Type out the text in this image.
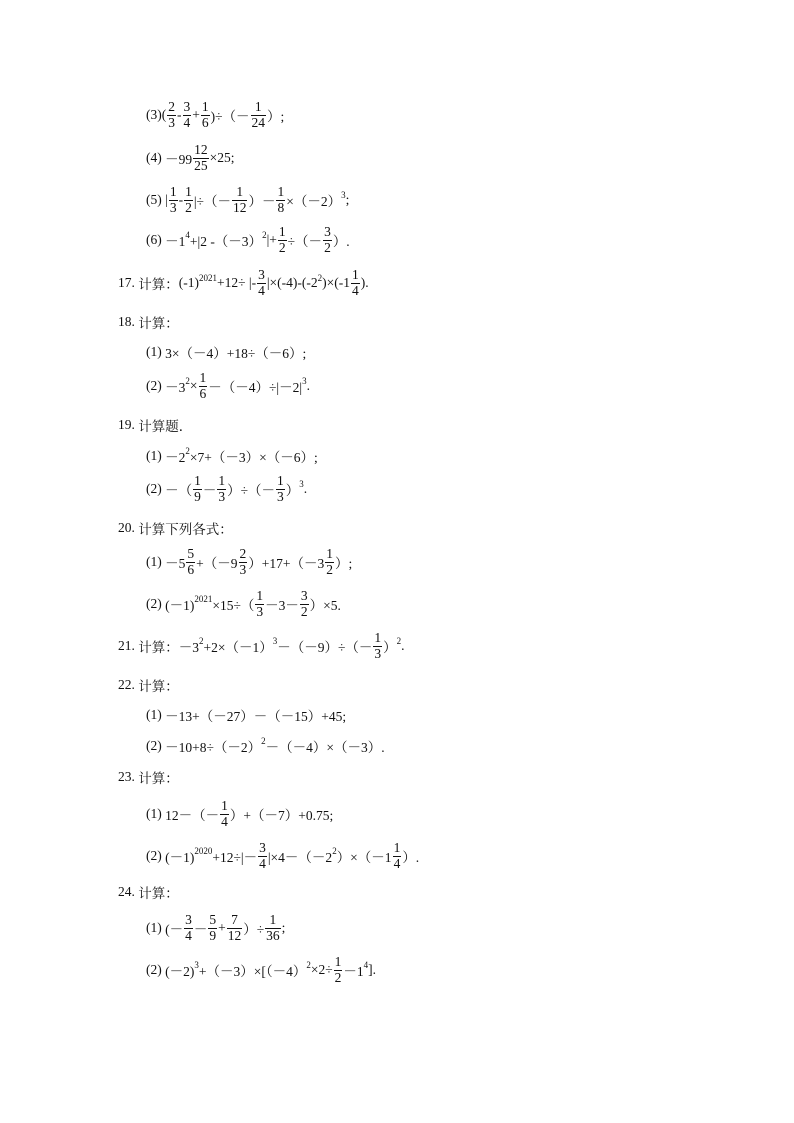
(3) ( $\frac{2}{3} - \frac{3}{4} + \frac{1}{6}$ )÷（－ $\frac{1}{24}$ ）;
(4)
$-99 \frac{12}{25} \times 25$;
(5)
| $\frac{1}{3} - \frac{1}{2}$ |÷（－ $\frac{1}{12}$ ）－ $\frac{1}{8} \times(-2)^3$ ;
(6)
$-1^4 +|2$ $-(-3)^2$ |+ $\frac{1}{2}$ ÷（－ $\frac{3}{2}$ ）.
17.
计算： $(-1)^{2021} +12\div$ |- $\frac{3}{4} |\times(-4)-(-2^2$ )$\times(-1 \frac{1}{4}$ ).
18.
计算：
(1)
3×（－4）+18÷（－6）;
(2)
$-3^2 \times \frac{1}{6} -(-4)\div|-2|^3$ .
19.
计算题．
(1)
$-2^2 \times 7+(-3)\times(-6)$;
(2)
－（ $\frac{1}{9} - \frac{1}{3}$ ）÷（－ $\frac{1}{3} )^3$ .
20.
计算下列各式：
(1)
$-5 \frac{5}{6} +(-9 \frac{2}{3} )+17+(-3 \frac{1}{2}$ ）;
(2)
$(-1)^{2021} \times 15\div( \frac{1}{3} -3- \frac{3}{2} )\times 5$.
21.
计算： $-3^2 +2\times(-1)^3 -(-9)\div(- \frac{1}{3} )^2$ .
22.
计算：
(1)
－13+（－27）－（－15）+45;
(2)
$-10+8\div(-2)^2 -(-4)\times(-3)$.
23.
计算：
(1)
$12-(- \frac{1}{4} )+(-7)+0.75$;
(2)
$(-1)^{2020} +12\div|- \frac{3}{4} |\times 4-(-2^2$ ）$\times(-1 \frac{1}{4}$ ）.
24.
计算：
(1)
(－ $\frac{3}{4} - \frac{5}{9} + \frac{7}{12}$ ）÷ $\frac{1}{36}$ ;
(2)
$(-2)^3 +(-3)\times[(-4)^2 \times 2\div \frac{1}{2} -1^4$ ].
